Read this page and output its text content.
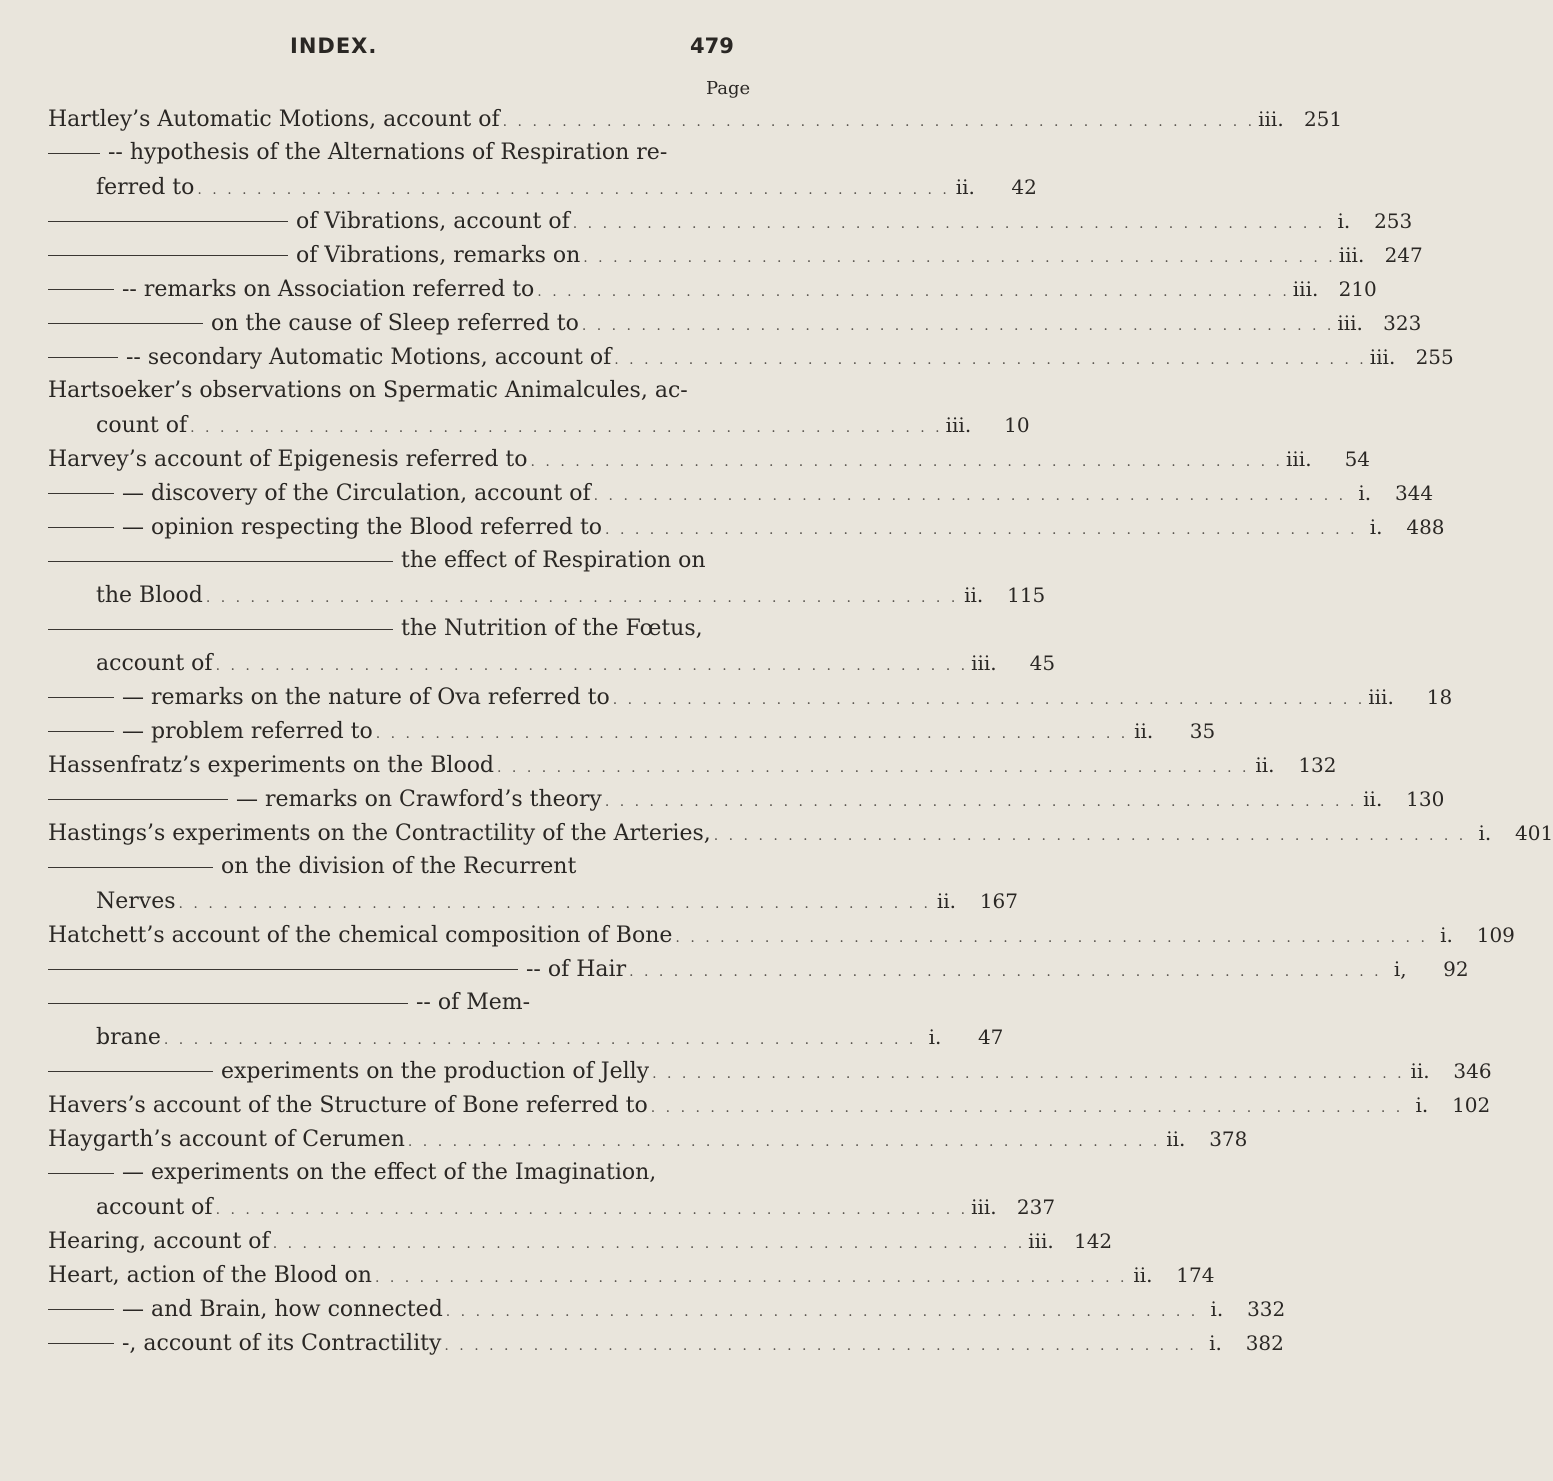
INDEX.	479
Page
Hartley’s Automatic Motions, account of . . . . . . . . . . . . . . . . . . . . . . . . . . . . . . . . . . . . . . . . . . . . . . . . . . . iii.	251
-- hypothesis of the Alternations of Respiration re-
ferred to . . . . . . . . . . . . . . . . . . . . . . . . . . . . . . . . . . . . . . . . . . . . . . . . . . . ii.	42
of Vibrations, account of . . . . . . . . . . . . . . . . . . . . . . . . . . . . . . . . . . . . . . . . . . . . . . . . . . . i.	253
of Vibrations, remarks on . . . . . . . . . . . . . . . . . . . . . . . . . . . . . . . . . . . . . . . . . . . . . . . . . . . iii.	247
-- remarks on Association referred to . . . . . . . . . . . . . . . . . . . . . . . . . . . . . . . . . . . . . . . . . . . . . . . . . . . iii.	210
on the cause of Sleep referred to . . . . . . . . . . . . . . . . . . . . . . . . . . . . . . . . . . . . . . . . . . . . . . . . . . . iii.	323
-- secondary Automatic Motions, account of . . . . . . . . . . . . . . . . . . . . . . . . . . . . . . . . . . . . . . . . . . . . . . . . . . . iii.	255
Hartsoeker’s observations on Spermatic Animalcules, ac-
count of . . . . . . . . . . . . . . . . . . . . . . . . . . . . . . . . . . . . . . . . . . . . . . . . . . . iii.	10
Harvey’s account of Epigenesis referred to . . . . . . . . . . . . . . . . . . . . . . . . . . . . . . . . . . . . . . . . . . . . . . . . . . . iii.	54
— discovery of the Circulation, account of . . . . . . . . . . . . . . . . . . . . . . . . . . . . . . . . . . . . . . . . . . . . . . . . . . . i.	344
— opinion respecting the Blood referred to . . . . . . . . . . . . . . . . . . . . . . . . . . . . . . . . . . . . . . . . . . . . . . . . . . . i.	488
the effect of Respiration on
the Blood . . . . . . . . . . . . . . . . . . . . . . . . . . . . . . . . . . . . . . . . . . . . . . . . . . . ii.	115
the Nutrition of the Fœtus,
account of . . . . . . . . . . . . . . . . . . . . . . . . . . . . . . . . . . . . . . . . . . . . . . . . . . . iii.	45
— remarks on the nature of Ova referred to . . . . . . . . . . . . . . . . . . . . . . . . . . . . . . . . . . . . . . . . . . . . . . . . . . . iii.	18
— problem referred to . . . . . . . . . . . . . . . . . . . . . . . . . . . . . . . . . . . . . . . . . . . . . . . . . . . ii.	35
Hassenfratz’s experiments on the Blood . . . . . . . . . . . . . . . . . . . . . . . . . . . . . . . . . . . . . . . . . . . . . . . . . . . ii.	132
— remarks on Crawford’s theory . . . . . . . . . . . . . . . . . . . . . . . . . . . . . . . . . . . . . . . . . . . . . . . . . . . ii.	130
Hastings’s experiments on the Contractility of the Arteries, . . . . . . . . . . . . . . . . . . . . . . . . . . . . . . . . . . . . . . . . . . . . . . . . . . . i.	401
on the division of the Recurrent
Nerves . . . . . . . . . . . . . . . . . . . . . . . . . . . . . . . . . . . . . . . . . . . . . . . . . . . ii.	167
Hatchett’s account of the chemical composition of Bone . . . . . . . . . . . . . . . . . . . . . . . . . . . . . . . . . . . . . . . . . . . . . . . . . . . i.	109
-- of Hair . . . . . . . . . . . . . . . . . . . . . . . . . . . . . . . . . . . . . . . . . . . . . . . . . . . i,	92
-- of Mem-
brane . . . . . . . . . . . . . . . . . . . . . . . . . . . . . . . . . . . . . . . . . . . . . . . . . . . i.	47
experiments on the production of Jelly . . . . . . . . . . . . . . . . . . . . . . . . . . . . . . . . . . . . . . . . . . . . . . . . . . . ii.	346
Havers’s account of the Structure of Bone referred to . . . . . . . . . . . . . . . . . . . . . . . . . . . . . . . . . . . . . . . . . . . . . . . . . . . i.	102
Haygarth’s account of Cerumen . . . . . . . . . . . . . . . . . . . . . . . . . . . . . . . . . . . . . . . . . . . . . . . . . . . ii.	378
— experiments on the effect of the Imagination,
account of . . . . . . . . . . . . . . . . . . . . . . . . . . . . . . . . . . . . . . . . . . . . . . . . . . . iii.	237
Hearing, account of . . . . . . . . . . . . . . . . . . . . . . . . . . . . . . . . . . . . . . . . . . . . . . . . . . . iii.	142
Heart, action of the Blood on . . . . . . . . . . . . . . . . . . . . . . . . . . . . . . . . . . . . . . . . . . . . . . . . . . . ii.	174
— and Brain, how connected . . . . . . . . . . . . . . . . . . . . . . . . . . . . . . . . . . . . . . . . . . . . . . . . . . . i.	332
-, account of its Contractility . . . . . . . . . . . . . . . . . . . . . . . . . . . . . . . . . . . . . . . . . . . . . . . . . . . i.	382
